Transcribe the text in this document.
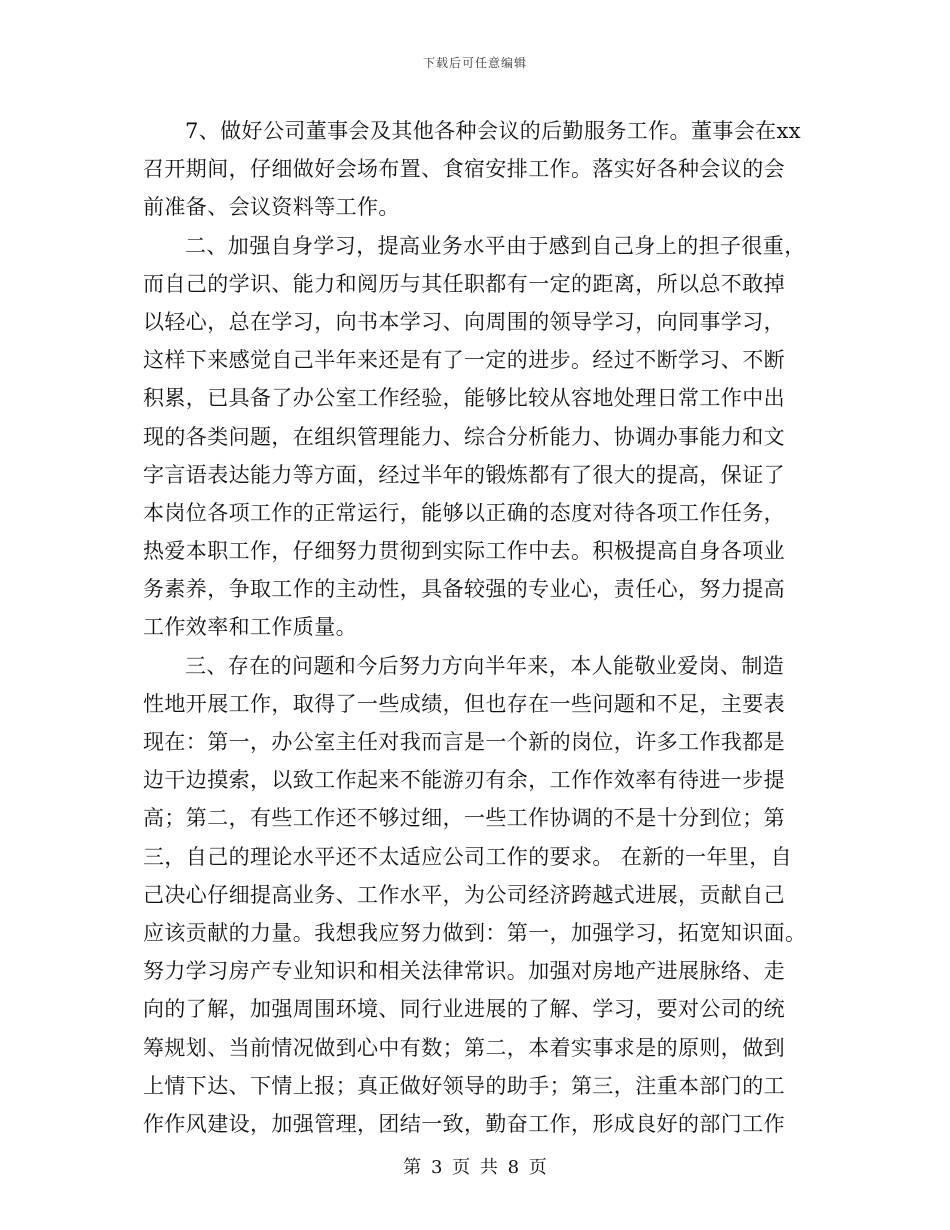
下载后可任意编辑
7、做好公司董事会及其他各种会议的后勤服务工作。董事会在xx
召开期间，仔细做好会场布置、食宿安排工作。落实好各种会议的会
前准备、会议资料等工作。
二、加强自身学习，提高业务水平由于感到自己身上的担子很重，
而自己的学识、能力和阅历与其任职都有一定的距离，所以总不敢掉
以轻心，总在学习，向书本学习、向周围的领导学习，向同事学习，
这样下来感觉自己半年来还是有了一定的进步。经过不断学习、不断
积累，已具备了办公室工作经验，能够比较从容地处理日常工作中出
现的各类问题，在组织管理能力、综合分析能力、协调办事能力和文
字言语表达能力等方面，经过半年的锻炼都有了很大的提高，保证了
本岗位各项工作的正常运行，能够以正确的态度对待各项工作任务，
热爱本职工作，仔细努力贯彻到实际工作中去。积极提高自身各项业
务素养，争取工作的主动性，具备较强的专业心，责任心，努力提高
工作效率和工作质量。
三、存在的问题和今后努力方向半年来，本人能敬业爱岗、制造
性地开展工作，取得了一些成绩，但也存在一些问题和不足，主要表
现在：第一，办公室主任对我而言是一个新的岗位，许多工作我都是
边干边摸索，以致工作起来不能游刃有余，工作作效率有待进一步提
高；第二，有些工作还不够过细，一些工作协调的不是十分到位；第
三，自己的理论水平还不太适应公司工作的要求。 在新的一年里，自
己决心仔细提高业务、工作水平，为公司经济跨越式进展，贡献自己
应该贡献的力量。我想我应努力做到：第一，加强学习，拓宽知识面。
努力学习房产专业知识和相关法律常识。加强对房地产进展脉络、走
向的了解，加强周围环境、同行业进展的了解、学习，要对公司的统
筹规划、当前情况做到心中有数；第二，本着实事求是的原则，做到
上情下达、下情上报；真正做好领导的助手；第三，注重本部门的工
作作风建设，加强管理，团结一致，勤奋工作，形成良好的部门工作
第 3 页 共 8 页
